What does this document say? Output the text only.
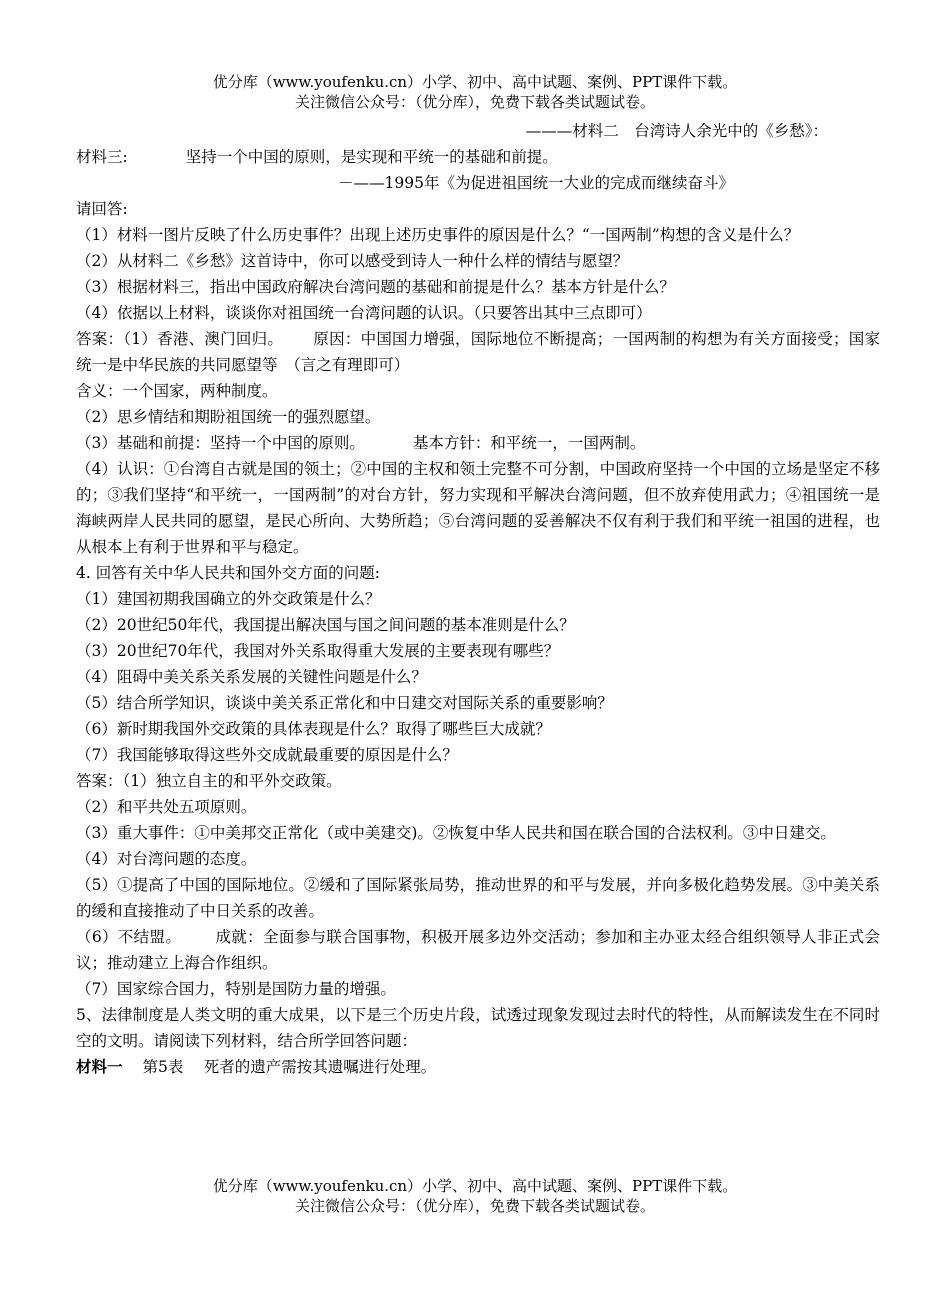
优分库（www.youfenku.cn）小学、初中、高中试题、案例、PPT课件下载。
关注微信公众号：（优分库），免费下载各类试题试卷。
———材料二　台湾诗人余光中的《乡愁》：
材料三:	坚持一个中国的原则，是实现和平统一的基础和前提。
－——1995年《为促进祖国统一大业的完成而继续奋斗》
请回答:
（1）材料一图片反映了什么历史事件？出现上述历史事件的原因是什么？“一国两制”构想的含义是什么？
（2）从材料二《乡愁》这首诗中，你可以感受到诗人一种什么样的情结与愿望？
（3）根据材料三，指出中国政府解决台湾问题的基础和前提是什么？基本方针是什么？
（4）依据以上材料，谈谈你对祖国统一台湾问题的认识。（只要答出其中三点即可）
答案：（1）香港、澳门回归。 原因：中国国力增强，国际地位不断提高；一国两制的构想为有关方面接受；国家统一是中华民族的共同愿望等　（言之有理即可）
含义：一个国家，两种制度。
（2）思乡情结和期盼祖国统一的强烈愿望。
（3）基础和前提：坚持一个中国的原则。	基本方针：和平统一，一国两制。
（4）认识：①台湾自古就是国的领土；②中国的主权和领土完整不可分割，中国政府坚持一个中国的立场是坚定不移的；③我们坚持“和平统一，一国两制”的对台方针，努力实现和平解决台湾问题，但不放弃使用武力；④祖国统一是海峡两岸人民共同的愿望，是民心所向、大势所趋；⑤台湾问题的妥善解决不仅有利于我们和平统一祖国的进程，也从根本上有利于世界和平与稳定。
4. 回答有关中华人民共和国外交方面的问题:
（1）建国初期我国确立的外交政策是什么？
（2）20世纪50年代，我国提出解决国与国之间问题的基本准则是什么？
（3）20世纪70年代，我国对外关系取得重大发展的主要表现有哪些？
（4）阻碍中美关系关系发展的关键性问题是什么？
（5）结合所学知识，谈谈中美关系正常化和中日建交对国际关系的重要影响？
（6）新时期我国外交政策的具体表现是什么？取得了哪些巨大成就？
（7）我国能够取得这些外交成就最重要的原因是什么？
答案：（1）独立自主的和平外交政策。
（2）和平共处五项原则。
（3）重大事件：①中美邦交正常化（或中美建交)。②恢复中华人民共和国在联合国的合法权利。③中日建交。
（4）对台湾问题的态度。
（5）①提高了中国的国际地位。②缓和了国际紧张局势，推动世界的和平与发展，并向多极化趋势发展。③中美关系的缓和直接推动了中日关系的改善。
（6）不结盟。 成就：全面参与联合国事物，积极开展多边外交活动；参加和主办亚太经合组织领导人非正式会议；推动建立上海合作组织。
（7）国家综合国力，特别是国防力量的增强。
5、法律制度是人类文明的重大成果，以下是三个历史片段，试透过现象发现过去时代的特性，从而解读发生在不同时空的文明。请阅读下列材料，结合所学回答问题：
材料一 第5表　 死者的遗产需按其遗嘱进行处理。
优分库（www.youfenku.cn）小学、初中、高中试题、案例、PPT课件下载。
关注微信公众号：（优分库），免费下载各类试题试卷。
